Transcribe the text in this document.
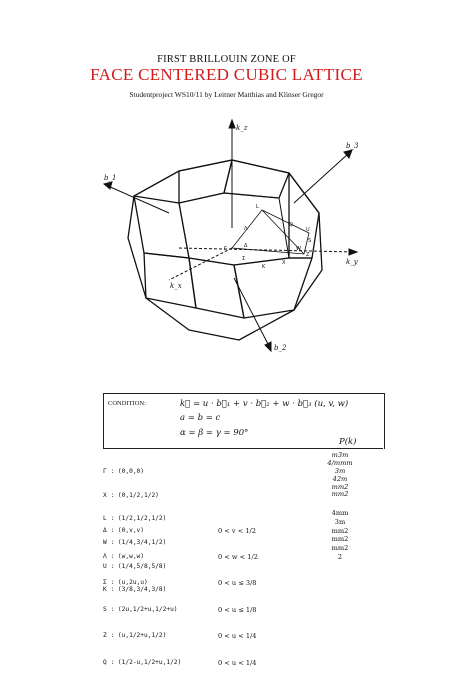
FIRST BRILLOUIN ZONE OF
FACE CENTERED CUBIC LATTICE
Studentproject WS10/11 by Leitner Matthias and Klinser Gregor
k_z
k_y
k_x
b_1
b_2
b_3
L
Γ	Δ
X
Q
U
S
Z
W
K
Σ
Λ
CONDITION:	k⃗ = u · b⃗₁ + v · b⃗₂ + w · b⃗₃ (u, v, w)
a = b = c
α = β = γ = 90°
P(k)

Γ : (0,0,0)

X : (0,1/2,1/2)

L : (1/2,1/2,1/2)

W : (1/4,3/4,1/2)

U : (1/4,5/8,5/8)

K : (3/8,3/4,3/8)

m3m
4/mmm
3m
42m
mm2
mm2

Δ : (0,v,v)

Λ : (w,w,w)

Σ : (u,2u,u)

S : (2u,1/2+u,1/2+u)

Z : (u,1/2+u,1/2)

Q : (1/2-u,1/2+u,1/2)

0 < v < 1/2

0 < w < 1/2

0 < u ≤ 3/8

0 < u ≤ 1/8

0 < u < 1/4

0 < u < 1/4

4mm
3m
mm2
mm2
mm2
2
